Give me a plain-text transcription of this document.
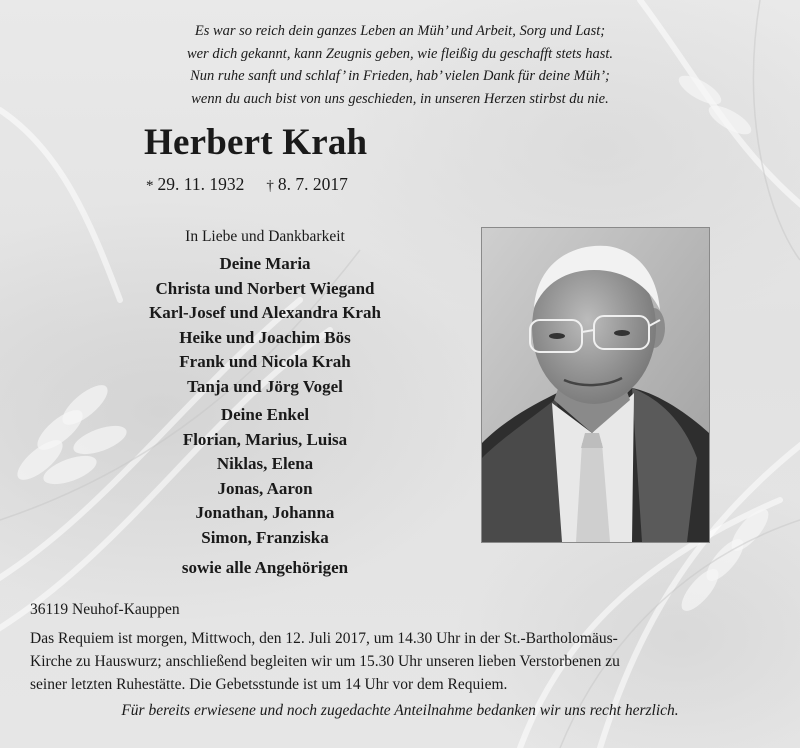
Es war so reich dein ganzes Leben an Müh’ und Arbeit, Sorg und Last;
wer dich gekannt, kann Zeugnis geben, wie fleißig du geschafft stets hast.
Nun ruhe sanft und schlaf’ in Frieden, hab’ vielen Dank für deine Müh’;
wenn du auch bist von uns geschieden, in unseren Herzen stirbst du nie.
Herbert Krah
* 29. 11. 1932 † 8. 7. 2017
In Liebe und Dankbarkeit
Deine Maria
Christa und Norbert Wiegand
Karl-Josef und Alexandra Krah
Heike und Joachim Bös
Frank und Nicola Krah
Tanja und Jörg Vogel
Deine Enkel
Florian, Marius, Luisa
Niklas, Elena
Jonas, Aaron
Jonathan, Johanna
Simon, Franziska
sowie alle Angehörigen
36119 Neuhof-Kauppen
Das Requiem ist morgen, Mittwoch, den 12. Juli 2017, um 14.30 Uhr in der St.-Bartholomäus-
Kirche zu Hauswurz; anschließend begleiten wir um 15.30 Uhr unseren lieben Verstorbenen zu
seiner letzten Ruhestätte. Die Gebetsstunde ist um 14 Uhr vor dem Requiem.
Für bereits erwiesene und noch zugedachte Anteilnahme bedanken wir uns recht herzlich.
